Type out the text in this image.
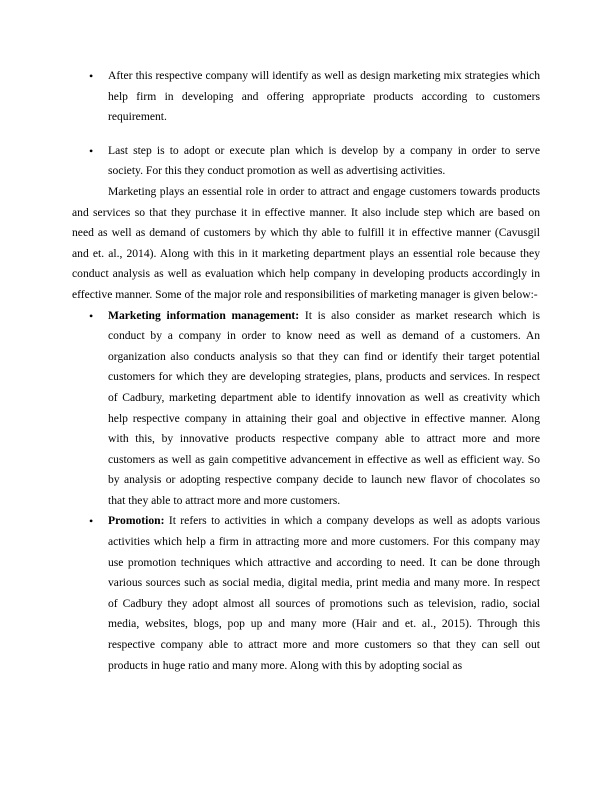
• After this respective company will identify as well as design marketing mix strategies which help firm in developing and offering appropriate products according to customers requirement.
• Last step is to adopt or execute plan which is develop by a company in order to serve society. For this they conduct promotion as well as advertising activities.

Marketing plays an essential role in order to attract and engage customers towards products and services so that they purchase it in effective manner. It also include step which are based on need as well as demand of customers by which thy able to fulfill it in effective manner (Cavusgil and et. al., 2014). Along with this in it marketing department plays an essential role because they conduct analysis as well as evaluation which help company in developing products accordingly in effective manner. Some of the major role and responsibilities of marketing manager is given below:-

• Marketing information management: It is also consider as market research which is conduct by a company in order to know need as well as demand of a customers. An organization also conducts analysis so that they can find or identify their target potential customers for which they are developing strategies, plans, products and services. In respect of Cadbury, marketing department able to identify innovation as well as creativity which help respective company in attaining their goal and objective in effective manner. Along with this, by innovative products respective company able to attract more and more customers as well as gain competitive advancement in effective as well as efficient way. So by analysis or adopting respective company decide to launch new flavor of chocolates so that they able to attract more and more customers.
• Promotion: It refers to activities in which a company develops as well as adopts various activities which help a firm in attracting more and more customers. For this company may use promotion techniques which attractive and according to need. It can be done through various sources such as social media, digital media, print media and many more. In respect of Cadbury they adopt almost all sources of promotions such as television, radio, social media, websites, blogs, pop up and many more (Hair and et. al., 2015). Through this respective company able to attract more and more customers so that they can sell out products in huge ratio and many more. Along with this by adopting social as
